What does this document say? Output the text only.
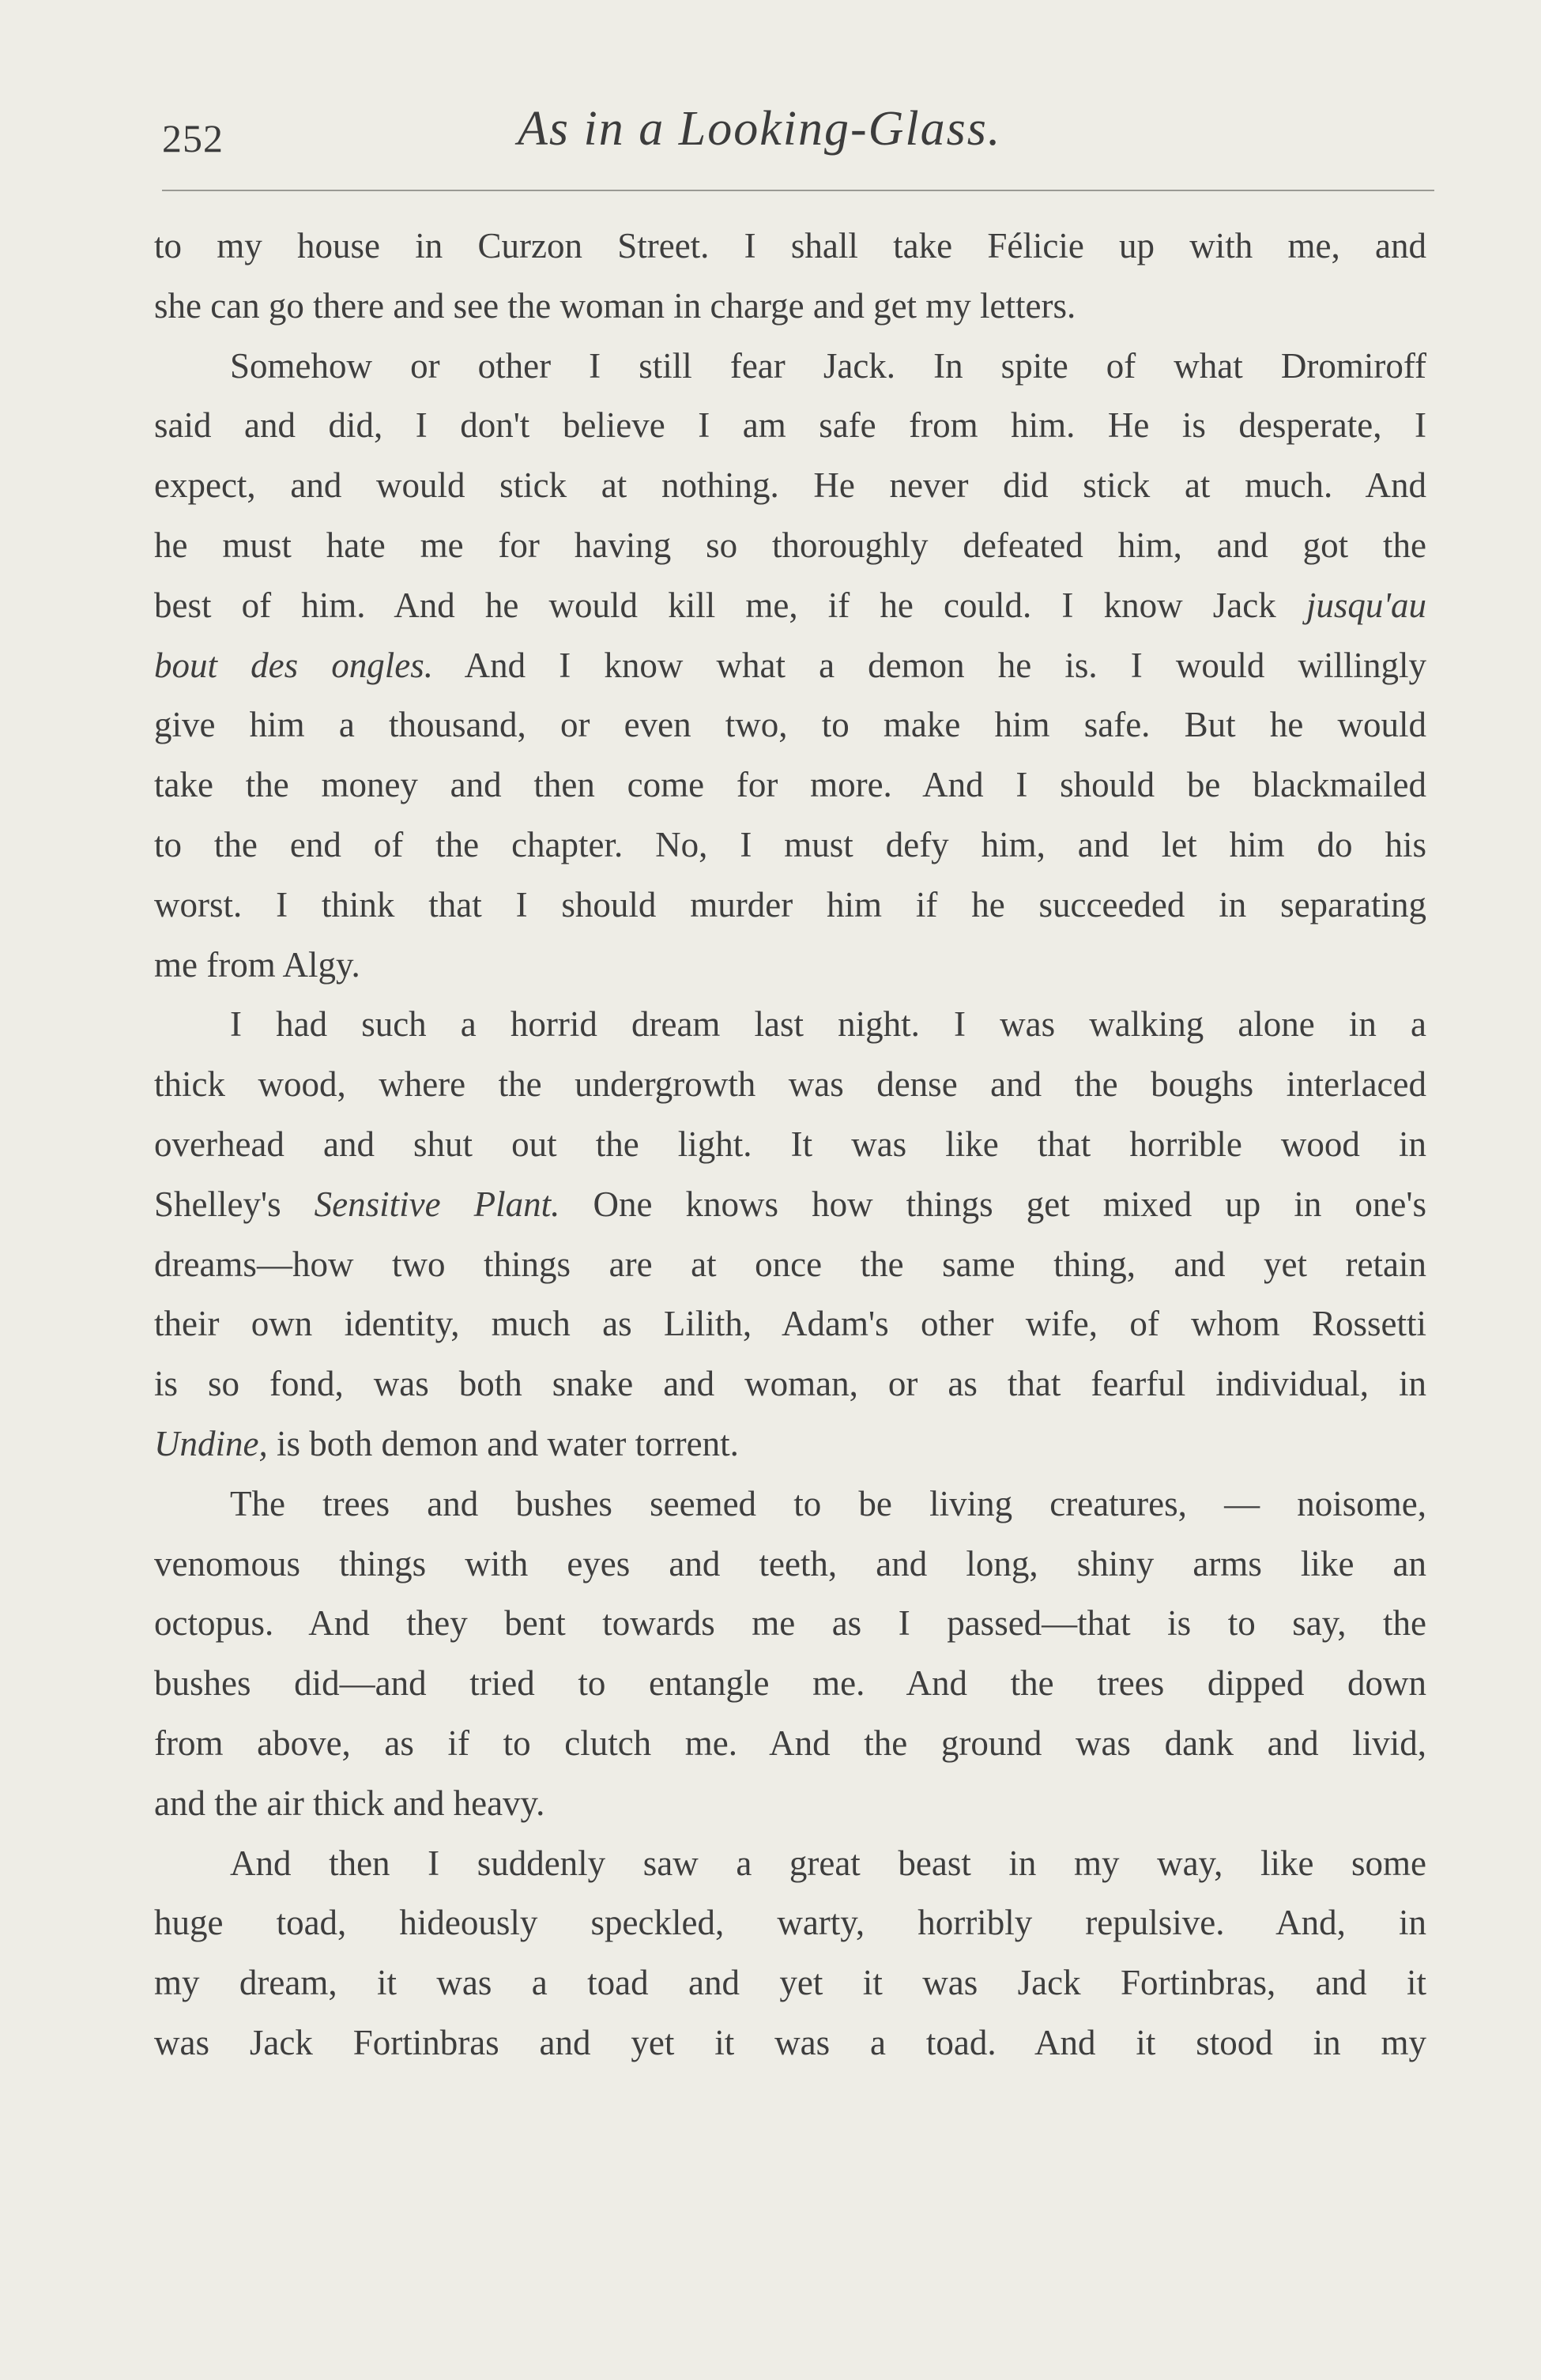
252	As in a Looking-Glass.
to my house in Curzon Street. I shall take Félicie up with me, and
she can go there and see the woman in charge and get my letters.
Somehow or other I still fear Jack. In spite of what Dromiroff
said and did, I don't believe I am safe from him. He is desperate, I
expect, and would stick at nothing. He never did stick at much. And
he must hate me for having so thoroughly defeated him, and got the
best of him. And he would kill me, if he could. I know Jack jusqu'au
bout des ongles. And I know what a demon he is. I would willingly
give him a thousand, or even two, to make him safe. But he would
take the money and then come for more. And I should be blackmailed
to the end of the chapter. No, I must defy him, and let him do his
worst. I think that I should murder him if he succeeded in separating
me from Algy.
I had such a horrid dream last night. I was walking alone in a
thick wood, where the undergrowth was dense and the boughs interlaced
overhead and shut out the light. It was like that horrible wood in
Shelley's Sensitive Plant. One knows how things get mixed up in one's
dreams—how two things are at once the same thing, and yet retain
their own identity, much as Lilith, Adam's other wife, of whom Rossetti
is so fond, was both snake and woman, or as that fearful individual, in
Undine, is both demon and water torrent.
The trees and bushes seemed to be living creatures, — noisome,
venomous things with eyes and teeth, and long, shiny arms like an
octopus. And they bent towards me as I passed—that is to say, the
bushes did—and tried to entangle me. And the trees dipped down
from above, as if to clutch me. And the ground was dank and livid,
and the air thick and heavy.
And then I suddenly saw a great beast in my way, like some
huge toad, hideously speckled, warty, horribly repulsive. And, in
my dream, it was a toad and yet it was Jack Fortinbras, and it
was Jack Fortinbras and yet it was a toad. And it stood in my
